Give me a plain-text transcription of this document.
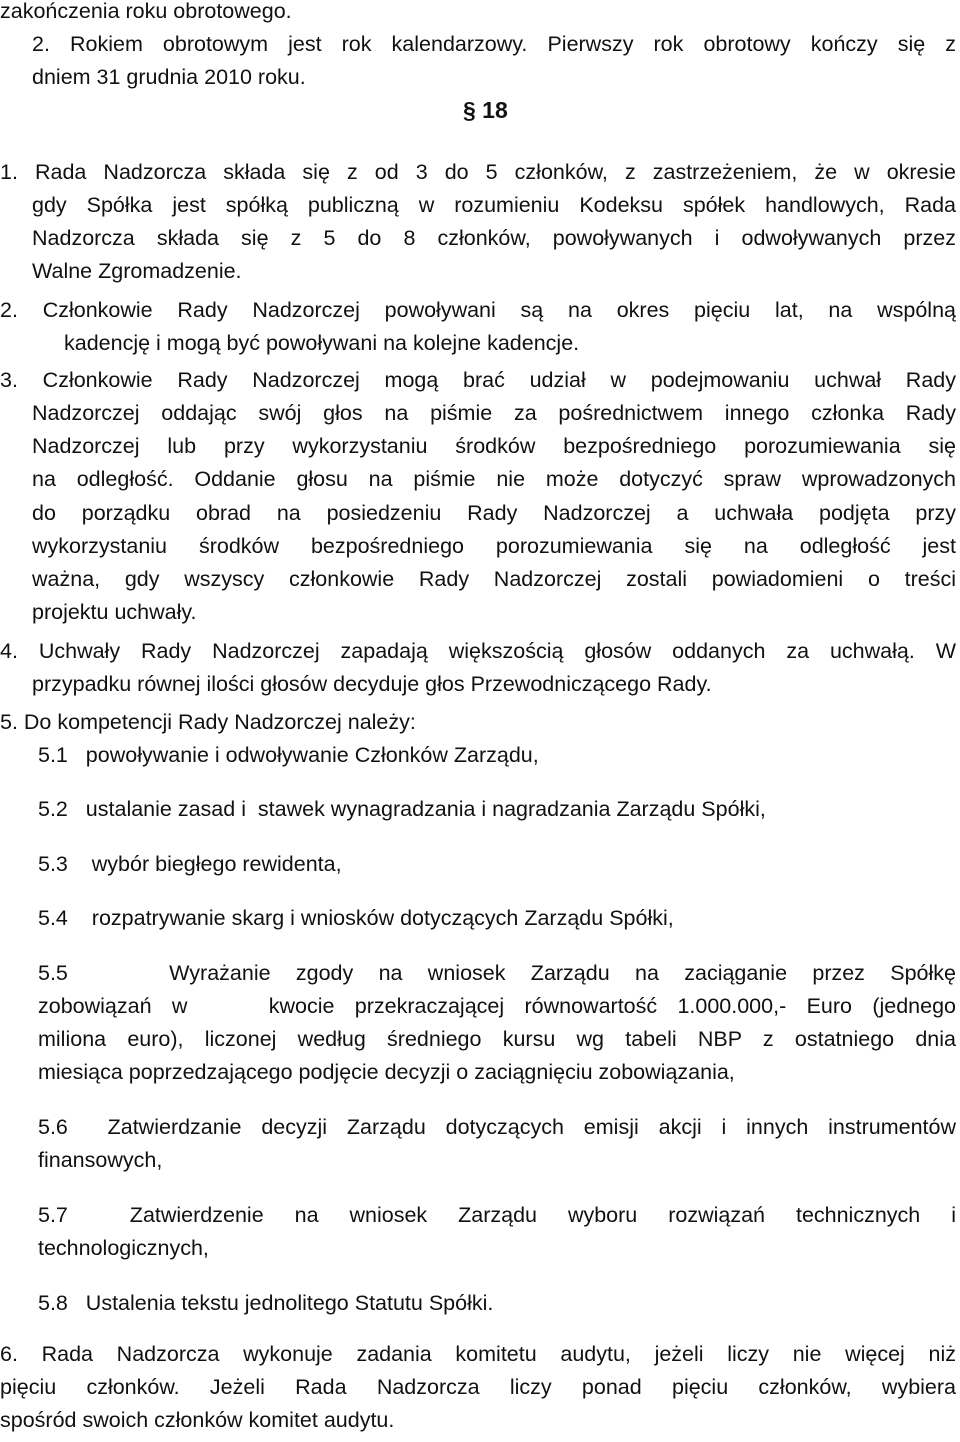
zakończenia roku obrotowego.
2. Rokiem obrotowym jest rok kalendarzowy. Pierwszy rok obrotowy kończy się z
dniem 31 grudnia 2010 roku.
§ 18
1. Rada Nadzorcza składa się z od 3 do 5 członków, z zastrzeżeniem, że w okresie
gdy Spółka jest spółką publiczną w rozumieniu Kodeksu spółek handlowych, Rada
Nadzorcza składa się z 5 do 8 członków, powoływanych i odwoływanych przez
Walne Zgromadzenie.
2. Członkowie Rady Nadzorczej powoływani są na okres pięciu lat, na wspólną
kadencję i mogą być powoływani na kolejne kadencje.
3. Członkowie Rady Nadzorczej mogą brać udział w podejmowaniu uchwał Rady
Nadzorczej oddając swój głos na piśmie za pośrednictwem innego członka Rady
Nadzorczej lub przy wykorzystaniu środków bezpośredniego porozumiewania się
na odległość. Oddanie głosu na piśmie nie może dotyczyć spraw wprowadzonych
do porządku obrad na posiedzeniu Rady Nadzorczej a uchwała podjęta przy
wykorzystaniu środków bezpośredniego porozumiewania się na odległość jest
ważna, gdy wszyscy członkowie Rady Nadzorczej zostali powiadomieni o treści
projektu uchwały.
4. Uchwały Rady Nadzorczej zapadają większością głosów oddanych za uchwałą. W
przypadku równej ilości głosów decyduje głos Przewodniczącego Rady.
5. Do kompetencji Rady Nadzorczej należy:
5.1   powoływanie i odwoływanie Członków Zarządu,
5.2   ustalanie zasad i  stawek wynagradzania i nagradzania Zarządu Spółki,
5.3    wybór biegłego rewidenta,
5.4    rozpatrywanie skarg i wniosków dotyczących Zarządu Spółki,
5.5    Wyrażanie zgody na wniosek Zarządu na zaciąganie przez Spółkę
zobowiązań w    kwocie przekraczającej równowartość 1.000.000,- Euro (jednego
miliona euro), liczonej według średniego kursu wg tabeli NBP z ostatniego dnia
miesiąca poprzedzającego podjęcie decyzji o zaciągnięciu zobowiązania,
5.6  Zatwierdzanie decyzji Zarządu dotyczących emisji akcji i innych instrumentów
finansowych,
5.7  Zatwierdzenie na wniosek Zarządu wyboru rozwiązań technicznych i
technologicznych,
5.8   Ustalenia tekstu jednolitego Statutu Spółki.
6. Rada Nadzorcza wykonuje zadania komitetu audytu, jeżeli liczy nie więcej niż
pięciu członków. Jeżeli Rada Nadzorcza liczy ponad pięciu członków, wybiera
spośród swoich członków komitet audytu.
